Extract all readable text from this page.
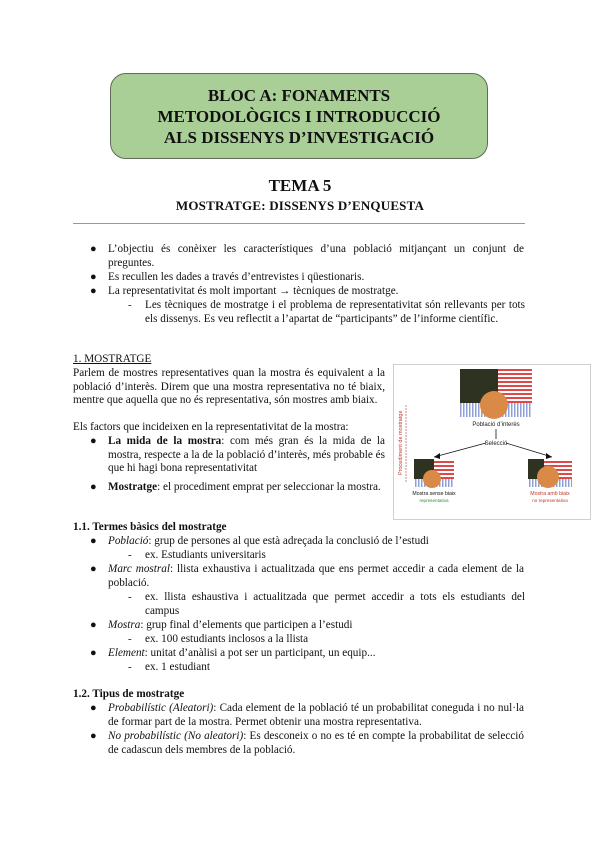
BLOC A: FONAMENTS
METODOLÒGICS I INTRODUCCIÓ
ALS DISSENYS D’INVESTIGACIÓ
TEMA 5
MOSTRATGE: DISSENYS D’ENQUESTA
● L’objectiu és conèixer les característiques d’una població mitjançant un conjunt de preguntes.
● Es recullen les dades a través d’entrevistes i qüestionaris.
● La representativitat és molt important → tècniques de mostratge.
- Les tècniques de mostratge i el problema de representativitat són rellevants per tots els dissenys. Es veu reflectit a l’apartat de “participants” de l’informe científic.
1. MOSTRATGE
Parlem de mostres representatives quan la mostra és equivalent a la població d’interès. Direm que una mostra representativa no té biaix, mentre que aquella que no és representativa, són mostres amb biaix.
Els factors que incideixen en la representativitat de la mostra:
● La mida de la mostra: com més gran és la mida de la mostra, respecte a la de la població d’interès, més probable és que hi hagi bona representativitat
● Mostratge: el procediment emprat per seleccionar la mostra.
Població d’interès
Procediment de mostratge	Selecció
Mostra sense biaix
representativa
Mostra amb biaix
no representativa
1.1. Termes bàsics del mostratge
● Població: grup de persones al que està adreçada la conclusió de l’estudi
- ex. Estudiants universitaris
● Marc mostral: llista exhaustiva i actualitzada que ens permet accedir a cada element de la població.
- ex. llista eshaustiva i actualitzada que permet accedir a tots els estudiants del campus
● Mostra: grup final d’elements que participen a l’estudi
- ex. 100 estudiants inclosos a la llista
● Element: unitat d’anàlisi a pot ser un participant, un equip...
- ex. 1 estudiant
1.2. Tipus de mostratge
● Probabilístic (Aleatori): Cada element de la població té un probabilitat coneguda i no nul·la de formar part de la mostra. Permet obtenir una mostra representativa.
● No probabilístic (No aleatori): Es desconeix o no es té en compte la probabilitat de selecció de cadascun dels membres de la població.
